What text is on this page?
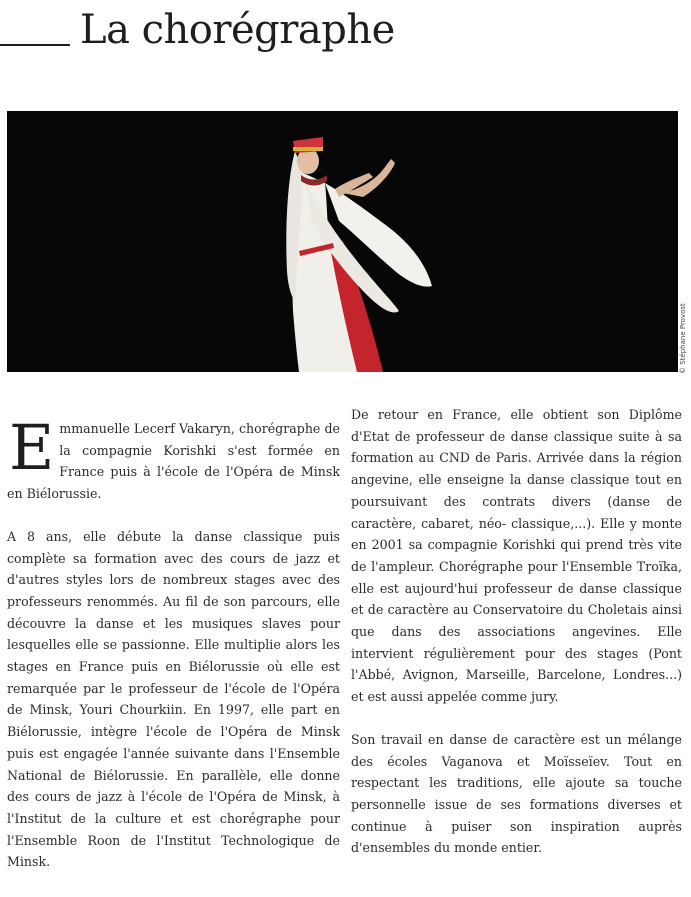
La chorégraphe
© Stéphane Provost

Emmanuelle Lecerf Vakaryn, chorégraphe de la compagnie Korishki s'est formée en France puis à l'école de l'Opéra de Minsk en Biélorussie.

A 8 ans, elle débute la danse classique puis complète sa formation avec des cours de jazz et d'autres styles lors de nombreux stages avec des professeurs renommés. Au fil de son parcours, elle découvre la danse et les musiques slaves pour lesquelles elle se passionne. Elle multiplie alors les stages en France puis en Biélorussie où elle est remarquée par le professeur de l'école de l'Opéra de Minsk, Youri Chourkiin. En 1997, elle part en Biélorussie, intègre l'école de l'Opéra de Minsk puis est engagée l'année suivante dans l'Ensemble National de Biélorussie. En parallèle, elle donne des cours de jazz à l'école de l'Opéra de Minsk, à l'Institut de la culture et est chorégraphe pour l'Ensemble Roon de l'Institut Technologique de Minsk.

De retour en France, elle obtient son Diplôme d'Etat de professeur de danse classique suite à sa formation au CND de Paris. Arrivée dans la région angevine, elle enseigne la danse classique tout en poursuivant des contrats divers (danse de caractère, cabaret, néo- classique,...). Elle y monte en 2001 sa compagnie Korishki qui prend très vite de l'ampleur. Chorégraphe pour l'Ensemble Troïka, elle est aujourd'hui professeur de danse classique et de caractère au Conservatoire du Choletais ainsi que dans des associations angevines. Elle intervient régulièrement pour des stages (Pont l'Abbé, Avignon, Marseille, Barcelone, Londres...) et est aussi appelée comme jury.

Son travail en danse de caractère est un mélange des écoles Vaganova et Moïsseïev. Tout en respectant les traditions, elle ajoute sa touche personnelle issue de ses formations diverses et continue à puiser son inspiration auprès d'ensembles du monde entier.
